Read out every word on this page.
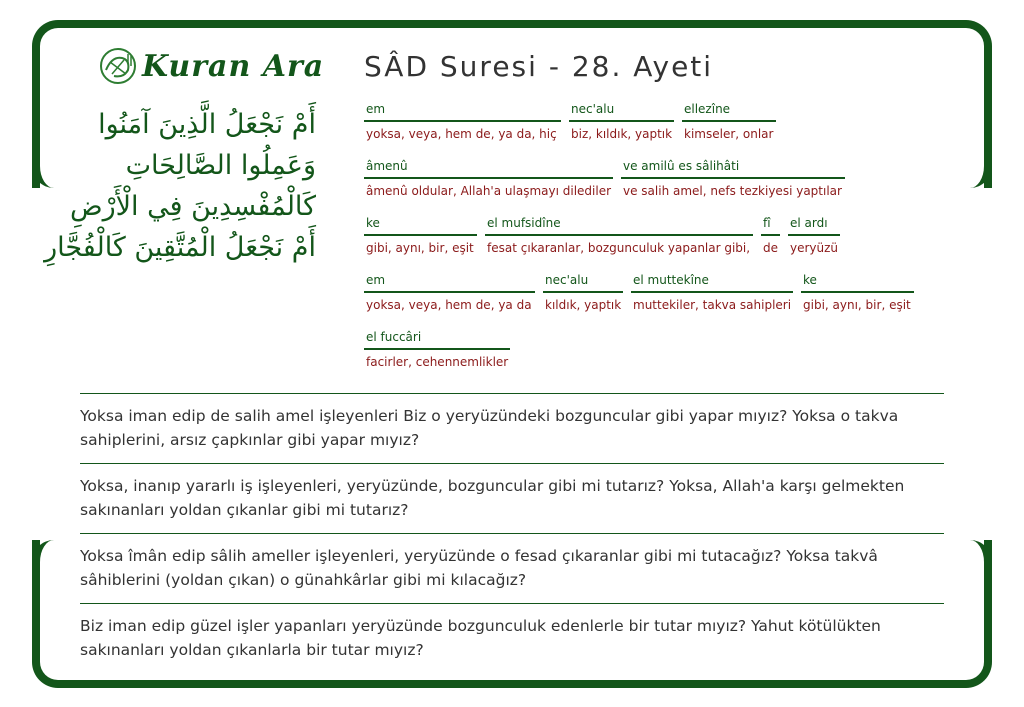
Kuran Ara
أَمْ نَجْعَلُ الَّذِينَ آمَنُوا
وَعَمِلُوا الصَّالِحَاتِ
كَالْمُفْسِدِينَ فِي الْأَرْضِ
أَمْ نَجْعَلُ الْمُتَّقِينَ كَالْفُجَّارِ
SÂD Suresi - 28. Ayeti
em
yoksa, veya, hem de, ya da, hiç
nec'alu
biz, kıldık, yaptık
ellezîne
kimseler, onlar
âmenû
âmenû oldular, Allah'a ulaşmayı dilediler
ve amilû es sâlihâti
ve salih amel, nefs tezkiyesi yaptılar
ke
gibi, aynı, bir, eşit
el mufsidîne
fesat çıkaranlar, bozgunculuk yapanlar gibi,
fî
de
el ardı
yeryüzü
em
yoksa, veya, hem de, ya da
nec'alu
kıldık, yaptık
el muttekîne
muttekiler, takva sahipleri
ke
gibi, aynı, bir, eşit
el fuccâri
facirler, cehennemlikler
Yoksa iman edip de salih amel işleyenleri Biz o yeryüzündeki bozguncular gibi yapar mıyız? Yoksa o takva sahiplerini, arsız çapkınlar gibi yapar mıyız?
Yoksa, inanıp yararlı iş işleyenleri, yeryüzünde, bozguncular gibi mi tutarız? Yoksa, Allah'a karşı gelmekten sakınanları yoldan çıkanlar gibi mi tutarız?
Yoksa îmân edip sâlih ameller işleyenleri, yeryüzünde o fesad çıkaranlar gibi mi tutacağız? Yoksa takvâ sâhiblerini (yoldan çıkan) o günahkârlar gibi mi kılacağız?
Biz iman edip güzel işler yapanları yeryüzünde bozgunculuk edenlerle bir tutar mıyız? Yahut kötülükten sakınanları yoldan çıkanlarla bir tutar mıyız?
